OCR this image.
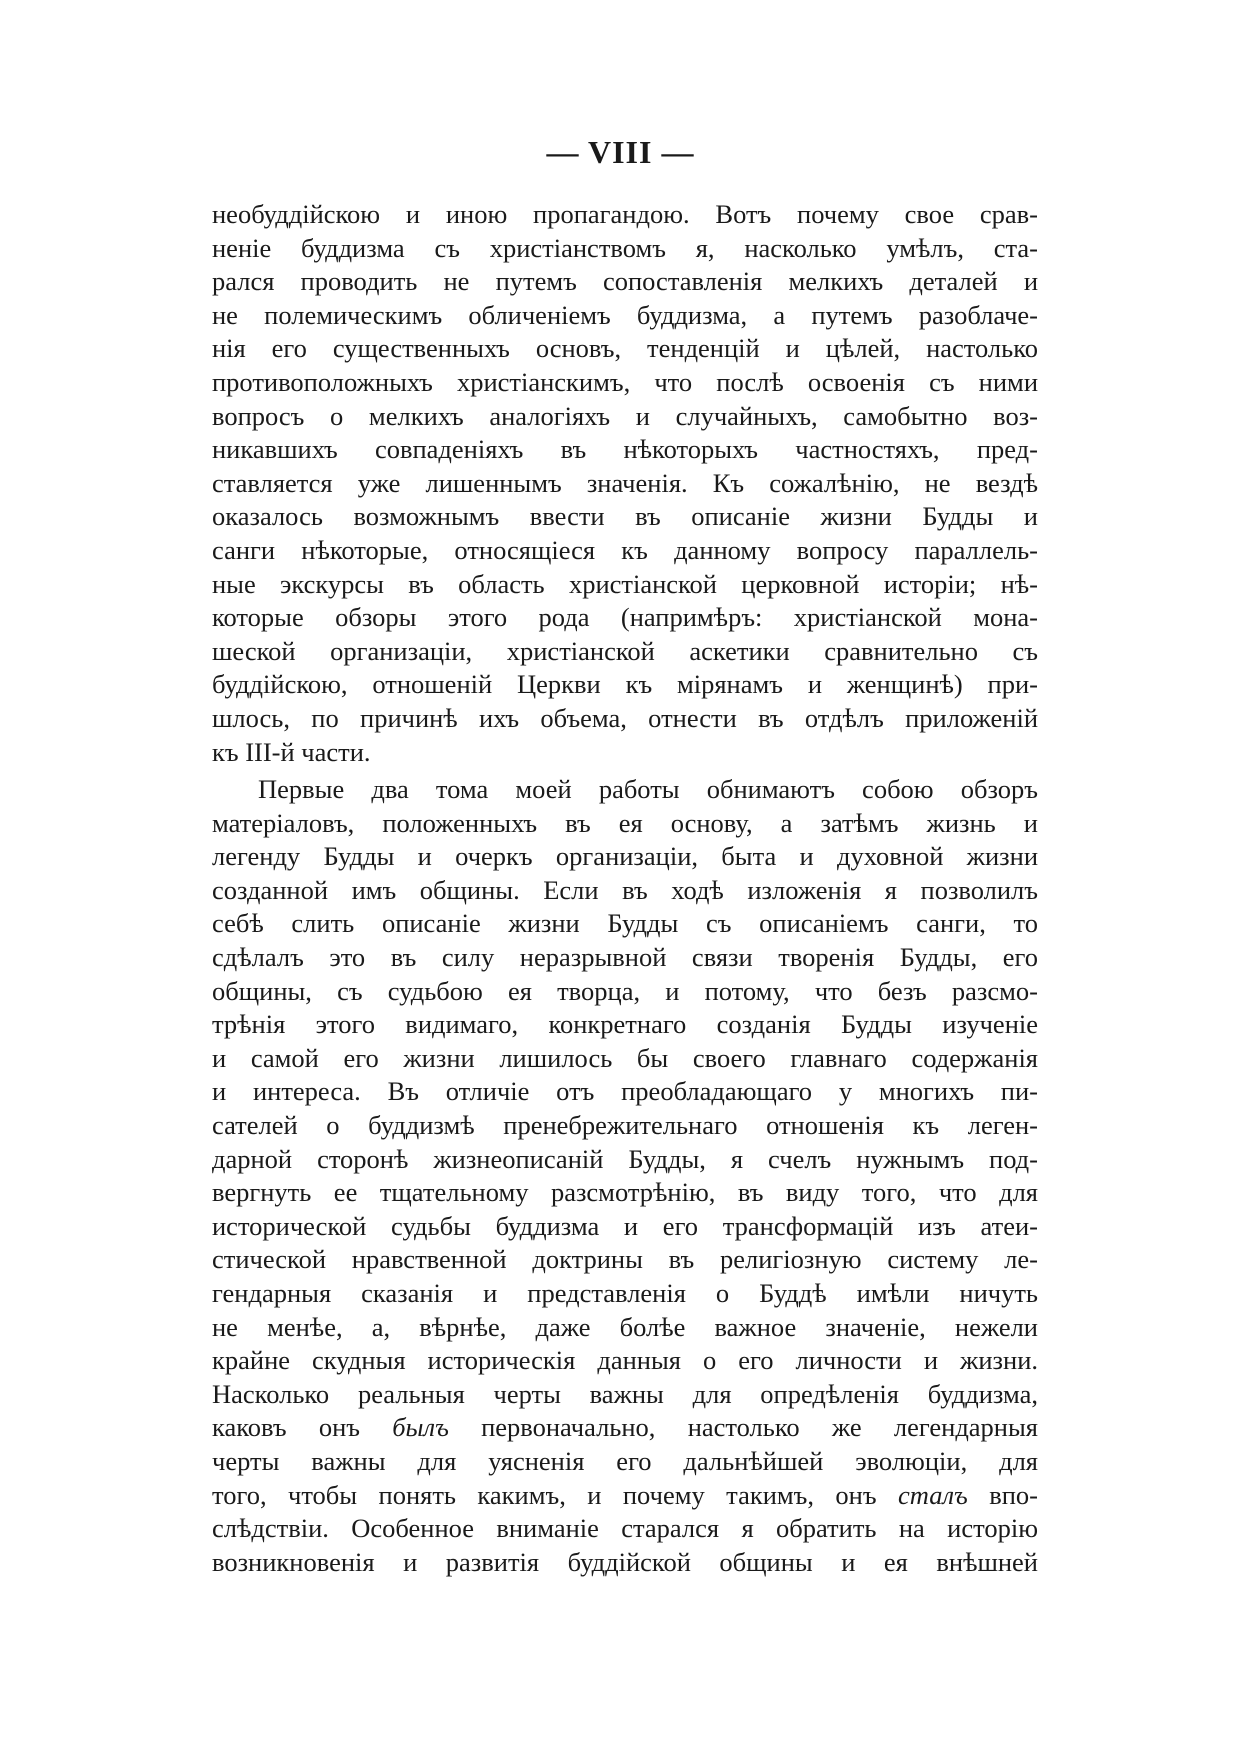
— VIII —
необуддійскою и иною пропагандою. Вотъ почему свое срав-
неніе буддизма съ христіанствомъ я, насколько умѣлъ, ста-
рался проводить не путемъ сопоставленія мелкихъ деталей и
не полемическимъ обличеніемъ буддизма, а путемъ разоблаче-
нія его существенныхъ основъ, тенденцій и цѣлей, настолько
противоположныхъ христіанскимъ, что послѣ освоенія съ ними
вопросъ о мелкихъ аналогіяхъ и случайныхъ, самобытно воз-
никавшихъ совпаденіяхъ въ нѣкоторыхъ частностяхъ, пред-
ставляется уже лишеннымъ значенія. Къ сожалѣнію, не вездѣ
оказалось возможнымъ ввести въ описаніе жизни Будды и
санги нѣкоторые, относящіеся къ данному вопросу параллель-
ные экскурсы въ область христіанской церковной исторіи; нѣ-
которые обзоры этого рода (напримѣръ: христіанской мона-
шеской организаціи, христіанской аскетики сравнительно съ
буддійскою, отношеній Церкви къ мірянамъ и женщинѣ) при-
шлось, по причинѣ ихъ объема, отнести въ отдѣлъ приложеній
къ III-й части.
Первые два тома моей работы обнимаютъ собою обзоръ
матеріаловъ, положенныхъ въ ея основу, а затѣмъ жизнь и
легенду Будды и очеркъ организаціи, быта и духовной жизни
созданной имъ общины. Если въ ходѣ изложенія я позволилъ
себѣ слить описаніе жизни Будды съ описаніемъ санги, то
сдѣлалъ это въ силу неразрывной связи творенія Будды, его
общины, съ судьбою ея творца, и потому, что безъ разсмо-
трѣнія этого видимаго, конкретнаго созданія Будды изученіе
и самой его жизни лишилось бы своего главнаго содержанія
и интереса. Въ отличіе отъ преобладающаго у многихъ пи-
сателей о буддизмѣ пренебрежительнаго отношенія къ леген-
дарной сторонѣ жизнеописаній Будды, я счелъ нужнымъ под-
вергнуть ее тщательному разсмотрѣнію, въ виду того, что для
исторической судьбы буддизма и его трансформацій изъ атеи-
стической нравственной доктрины въ религіозную систему ле-
гендарныя сказанія и представленія о Буддѣ имѣли ничуть
не менѣе, а, вѣрнѣе, даже болѣе важное значеніе, нежели
крайне скудныя историческія данныя о его личности и жизни.
Насколько реальныя черты важны для опредѣленія буддизма,
каковъ онъ былъ первоначально, настолько же легендарныя
черты важны для уясненія его дальнѣйшей эволюціи, для
того, чтобы понять какимъ, и почему такимъ, онъ сталъ впо-
слѣдствіи. Особенное вниманіе старался я обратить на исторію
возникновенія и развитія буддійской общины и ея внѣшней
